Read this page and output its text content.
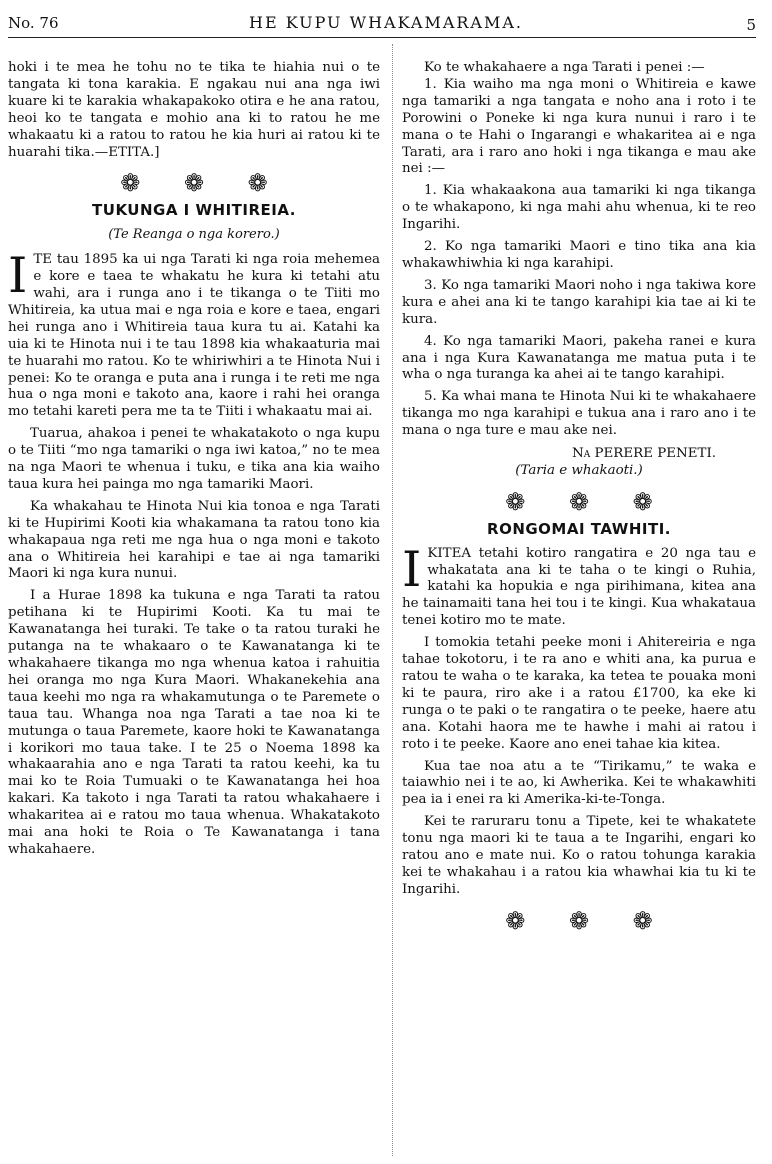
No. 76	HE KUPU WHAKAMARAMA.	5

hoki i te mea he tohu no te tika te hiahia nui o te tangata ki tona karakia. E ngakau nui ana nga iwi kuare ki te karakia whakapakoko otira e he ana ratou, heoi ko te tangata e mohio ana ki to ratou he me whakaatu ki a ratou to ratou he kia huri ai ratou ki te huarahi tika.—ETITA.]

❁ ❁ ❁
TUKUNGA I WHITIREIA.
(Te Reanga o nga korero.)

ITE tau 1895 ka ui nga Tarati ki nga roia mehemea e kore e taea te whakatu he kura ki tetahi atu wahi, ara i runga ano i te tikanga o te Tiiti mo Whitireia, ka utua mai e nga roia e kore e taea, engari hei runga ano i Whitireia taua kura tu ai. Katahi ka uia ki te Hinota nui i te tau 1898 kia whakaaturia mai te huarahi mo ratou. Ko te whiriwhiri a te Hinota Nui i penei: Ko te oranga e puta ana i runga i te reti me nga hua o nga moni e takoto ana, kaore i rahi hei oranga mo tetahi kareti pera me ta te Tiiti i whakaatu mai ai.

Tuarua, ahakoa i penei te whakatakoto o nga kupu o te Tiiti “mo nga tamariki o nga iwi katoa,” no te mea na nga Maori te whenua i tuku, e tika ana kia waiho taua kura hei painga mo nga tamariki Maori.

Ka whakahau te Hinota Nui kia tonoa e nga Tarati ki te Hupirimi Kooti kia whakamana ta ratou tono kia whakapaua nga reti me nga hua o nga moni e takoto ana o Whitireia hei karahipi e tae ai nga tamariki Maori ki nga kura nunui.

I a Hurae 1898 ka tukuna e nga Tarati ta ratou petihana ki te Hupirimi Kooti. Ka tu mai te Kawanatanga hei turaki. Te take o ta ratou turaki he putanga na te whakaaro o te Kawanatanga ki te whakahaere tikanga mo nga whenua katoa i rahuitia hei oranga mo nga Kura Maori. Whakanekehia ana taua keehi mo nga ra whakamutunga o te Paremete o taua tau. Whanga noa nga Tarati a tae noa ki te mutunga o taua Paremete, kaore hoki te Kawanatanga i korikori mo taua take. I te 25 o Noema 1898 ka whakaarahia ano e nga Tarati ta ratou keehi, ka tu mai ko te Roia Tumuaki o te Kawanatanga hei hoa kakari. Ka takoto i nga Tarati ta ratou whakahaere i whakaritea ai e ratou mo taua whenua. Whakatakoto mai ana hoki te Roia o Te Kawanatanga i tana whakahaere.

Ko te whakahaere a nga Tarati i penei :—

1. Kia waiho ma nga moni o Whitireia e kawe nga tamariki a nga tangata e noho ana i roto i te Porowini o Poneke ki nga kura nunui i raro i te mana o te Hahi o Ingarangi e whakaritea ai e nga Tarati, ara i raro ano hoki i nga tikanga e mau ake nei :—

1. Kia whakaakona aua tamariki ki nga tikanga o te whakapono, ki nga mahi ahu whenua, ki te reo Ingarihi.

2. Ko nga tamariki Maori e tino tika ana kia whakawhiwhia ki nga karahipi.

3. Ko nga tamariki Maori noho i nga takiwa kore kura e ahei ana ki te tango karahipi kia tae ai ki te kura.

4. Ko nga tamariki Maori, pakeha ranei e kura ana i nga Kura Kawanatanga me matua puta i te wha o nga turanga ka ahei ai te tango karahipi.

5. Ka whai mana te Hinota Nui ki te whakahaere tikanga mo nga karahipi e tukua ana i raro ano i te mana o nga ture e mau ake nei.

Na PERERE PENETI.

(Taria e whakaoti.)

❁ ❁ ❁
RONGOMAI TAWHITI.

IKITEA tetahi kotiro rangatira e 20 nga tau e whakatata ana ki te taha o te kingi o Ruhia, katahi ka hopukia e nga pirihimana, kitea ana he tainamaiti tana hei tou i te kingi. Kua whakataua tenei kotiro mo te mate.

I tomokia tetahi peeke moni i Ahitereiria e nga tahae tokotoru, i te ra ano e whiti ana, ka purua e ratou te waha o te karaka, ka tetea te pouaka moni ki te paura, riro ake i a ratou £1700, ka eke ki runga o te paki o te rangatira o te peeke, haere atu ana. Kotahi haora me te hawhe i mahi ai ratou i roto i te peeke. Kaore ano enei tahae kia kitea.

Kua tae noa atu a te “Tirikamu,” te waka e taiawhio nei i te ao, ki Awherika. Kei te whakawhiti pea ia i enei ra ki Amerika-ki-te-Tonga.

Kei te raruraru tonu a Tipete, kei te whakatete tonu nga maori ki te taua a te Ingarihi, engari ko ratou ano e mate nui. Ko o ratou tohunga karakia kei te whakahau i a ratou kia whawhai kia tu ki te Ingarihi.

❁ ❁ ❁
